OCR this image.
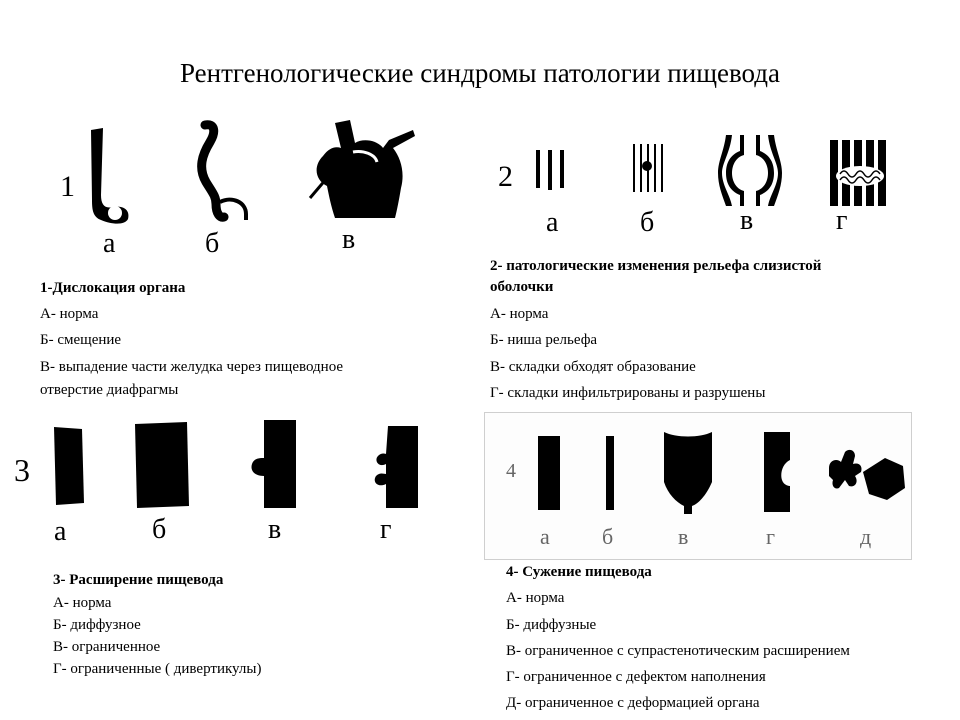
Рентгенологические синдромы патологии пищевода
1
а	б	в
1-Дислокация органа
А- норма
Б- смещение
В- выпадение части желудка через пищеводное
отверстие диафрагмы
2
а	б	в	г
2- патологические изменения рельефа слизистой
оболочки
А- норма
Б- ниша рельефа
В- складки обходят образование
Г- складки инфильтрированы и разрушены
3
а	б	в	г
3- Расширение пищевода
А- норма
Б- диффузное
В- ограниченное
Г- ограниченные ( дивертикулы)
4
а б	в	г	д
4- Сужение пищевода
А- норма
Б- диффузные
В- ограниченное с супрастенотическим расширением
Г- ограниченное с дефектом наполнения
Д- ограниченное с деформацией органа
